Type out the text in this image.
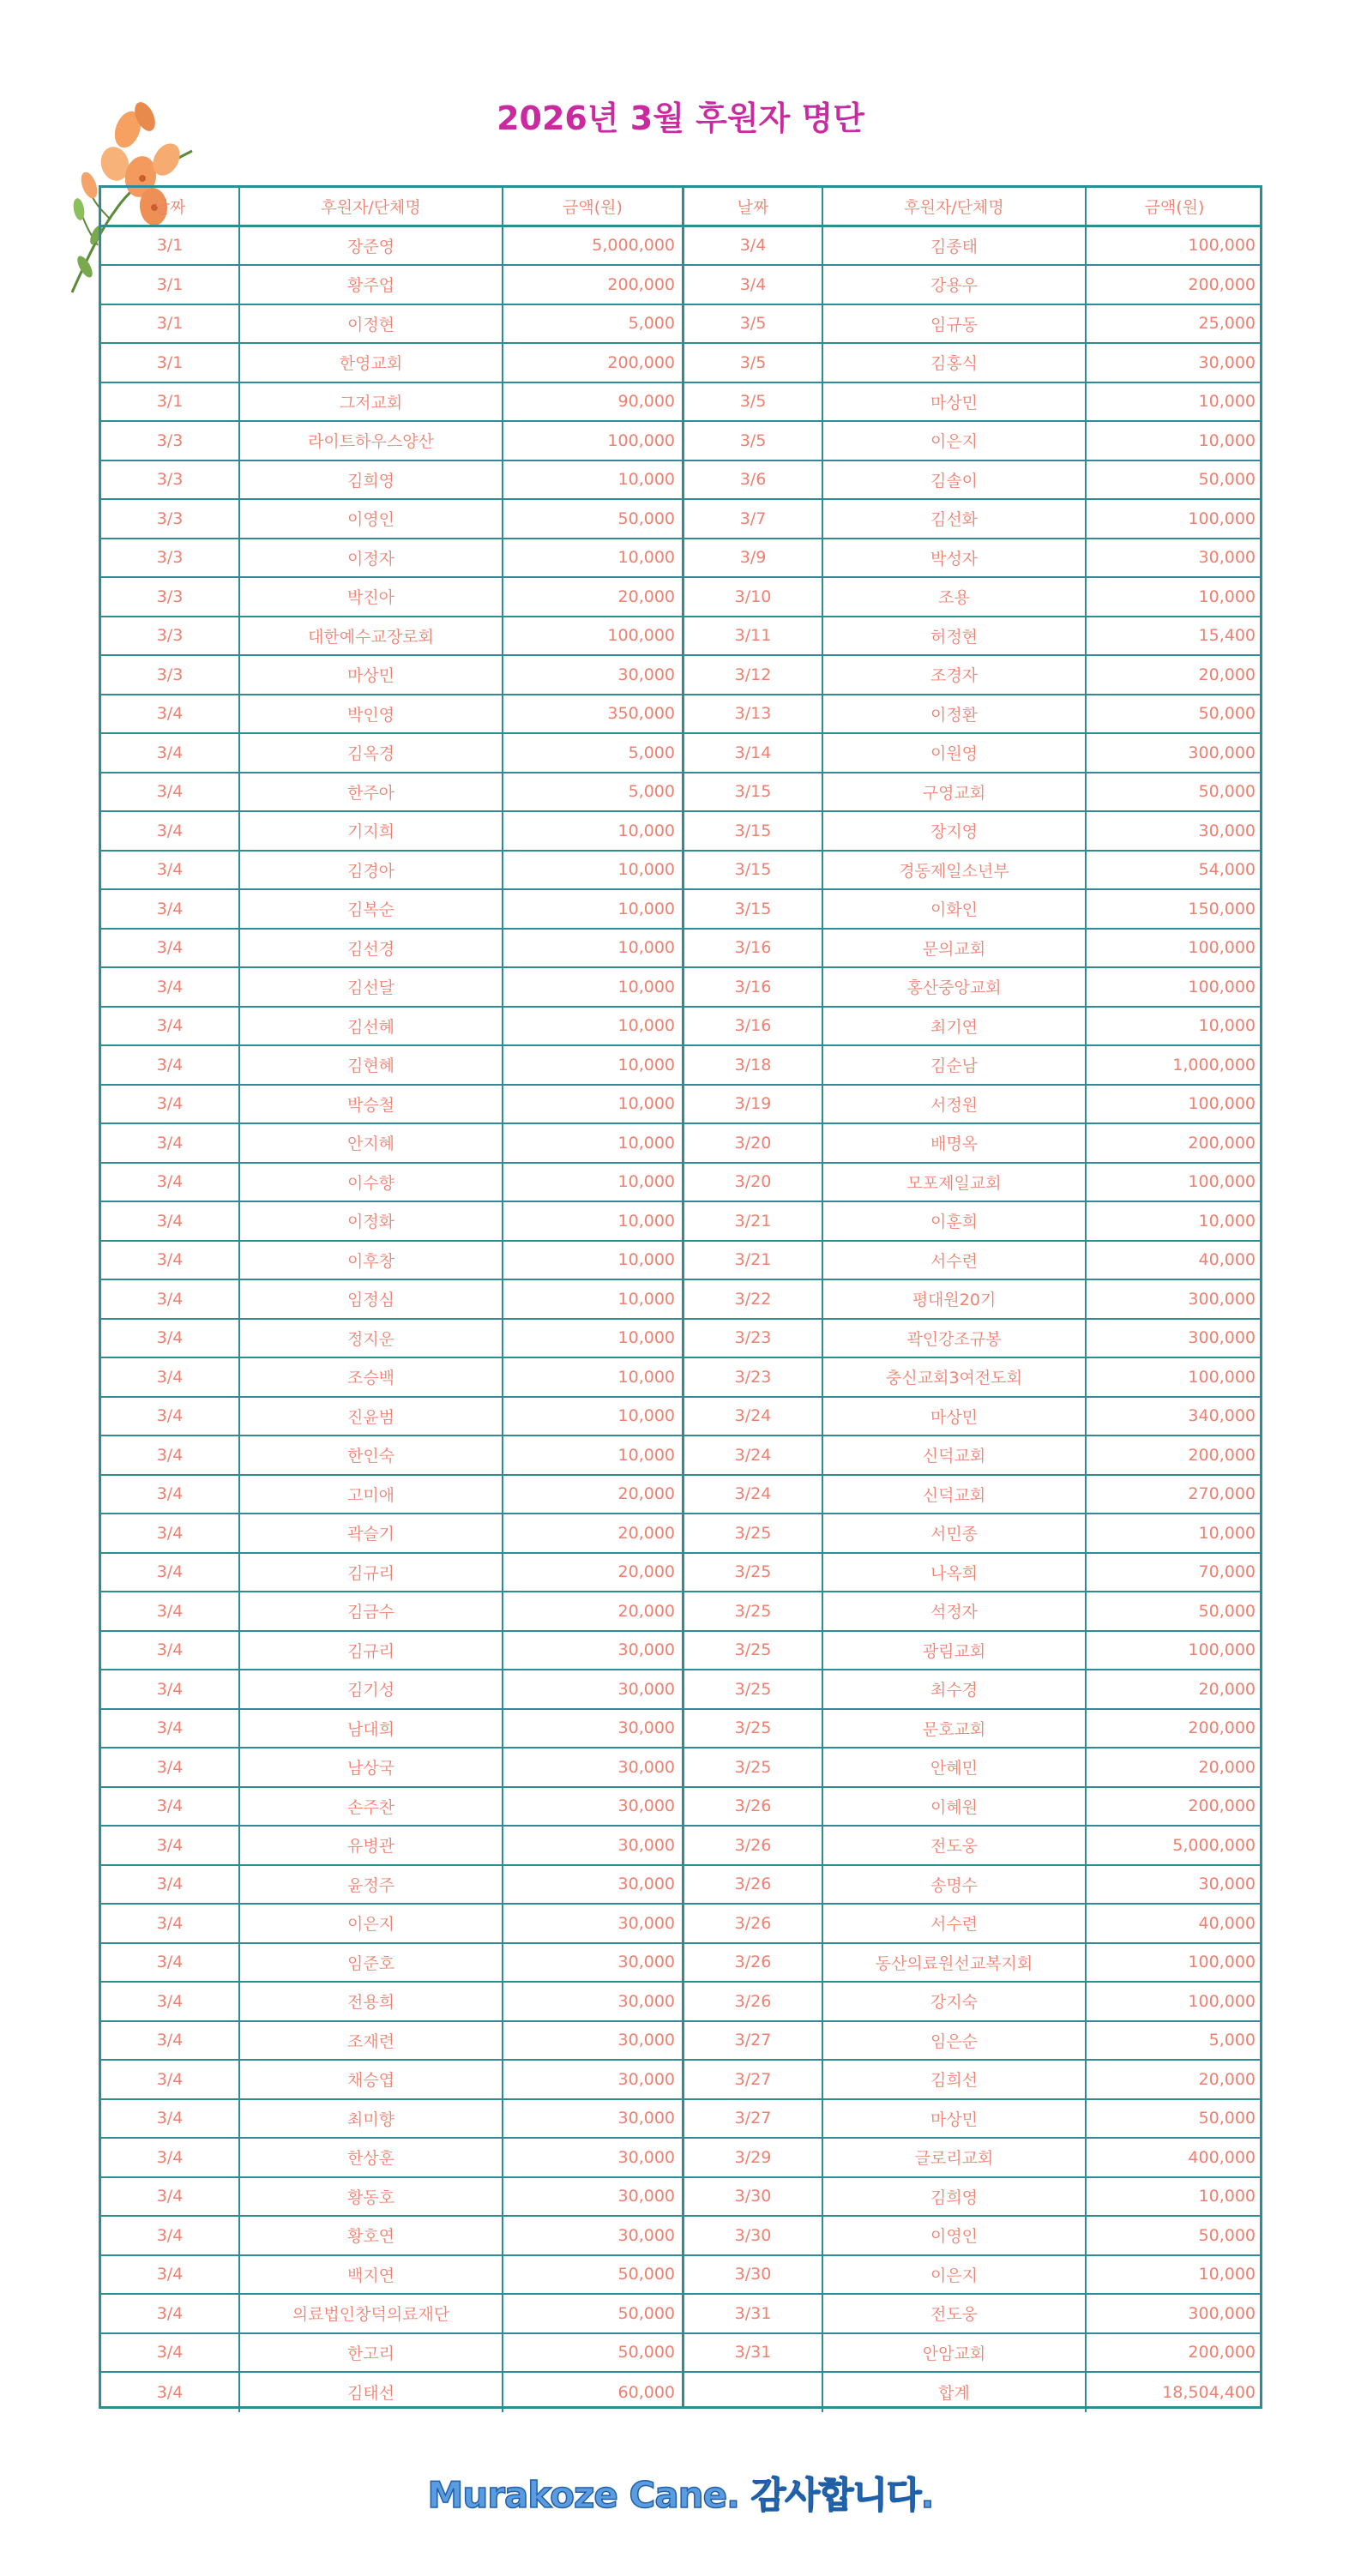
2026년 3월 후원자 명단
날짜	후원자/단체명	금액(원)
3/1	장준영	5,000,000
3/1	황주업	200,000
3/1	이정현	5,000
3/1	한영교회	200,000
3/1	그저교회	90,000
3/3	라이트하우스양산	100,000
3/3	김희영	10,000
3/3	이영인	50,000
3/3	이정자	10,000
3/3	박진아	20,000
3/3	대한예수교장로회	100,000
3/3	마상민	30,000
3/4	박인영	350,000
3/4	김옥경	5,000
3/4	한주아	5,000
3/4	기지희	10,000
3/4	김경아	10,000
3/4	김복순	10,000
3/4	김선경	10,000
3/4	김선달	10,000
3/4	김선혜	10,000
3/4	김현혜	10,000
3/4	박승철	10,000
3/4	안지혜	10,000
3/4	이수향	10,000
3/4	이정화	10,000
3/4	이후창	10,000
3/4	임정심	10,000
3/4	정지운	10,000
3/4	조승백	10,000
3/4	진윤범	10,000
3/4	한인숙	10,000
3/4	고미애	20,000
3/4	곽슬기	20,000
3/4	김규리	20,000
3/4	김금수	20,000
3/4	김규리	30,000
3/4	김기성	30,000
3/4	남대희	30,000
3/4	남상국	30,000
3/4	손주찬	30,000
3/4	유병관	30,000
3/4	윤정주	30,000
3/4	이은지	30,000
3/4	임준호	30,000
3/4	전용희	30,000
3/4	조재련	30,000
3/4	채승엽	30,000
3/4	최미향	30,000
3/4	한상훈	30,000
3/4	황동호	30,000
3/4	황호연	30,000
3/4	백지연	50,000
3/4	의료법인창덕의료재단	50,000
3/4	한고리	50,000
3/4	김태선	60,000
날짜	후원자/단체명	금액(원)
3/4	김종태	100,000
3/4	강용우	200,000
3/5	임규동	25,000
3/5	김홍식	30,000
3/5	마상민	10,000
3/5	이은지	10,000
3/6	김솔이	50,000
3/7	김선화	100,000
3/9	박성자	30,000
3/10	조용	10,000
3/11	허정현	15,400
3/12	조경자	20,000
3/13	이정환	50,000
3/14	이원영	300,000
3/15	구영교회	50,000
3/15	장지영	30,000
3/15	경동제일소년부	54,000
3/15	이화인	150,000
3/16	문의교회	100,000
3/16	홍산중앙교회	100,000
3/16	최기연	10,000
3/18	김순남	1,000,000
3/19	서정원	100,000
3/20	배명옥	200,000
3/20	모포제일교회	100,000
3/21	이훈희	10,000
3/21	서수련	40,000
3/22	평대원20기	300,000
3/23	곽인강조규봉	300,000
3/23	충신교회3여전도회	100,000
3/24	마상민	340,000
3/24	신덕교회	200,000
3/24	신덕교회	270,000
3/25	서민종	10,000
3/25	나옥희	70,000
3/25	석정자	50,000
3/25	광림교회	100,000
3/25	최수경	20,000
3/25	문호교회	200,000
3/25	안혜민	20,000
3/26	이혜원	200,000
3/26	전도웅	5,000,000
3/26	송명수	30,000
3/26	서수련	40,000
3/26	동산의료원선교복지회	100,000
3/26	강지숙	100,000
3/27	임은순	5,000
3/27	김희선	20,000
3/27	마상민	50,000
3/29	글로리교회	400,000
3/30	김희영	10,000
3/30	이영인	50,000
3/30	이은지	10,000
3/31	전도웅	300,000
3/31	안암교회	200,000
합계	18,504,400
Murakoze Cane. 감사합니다.
